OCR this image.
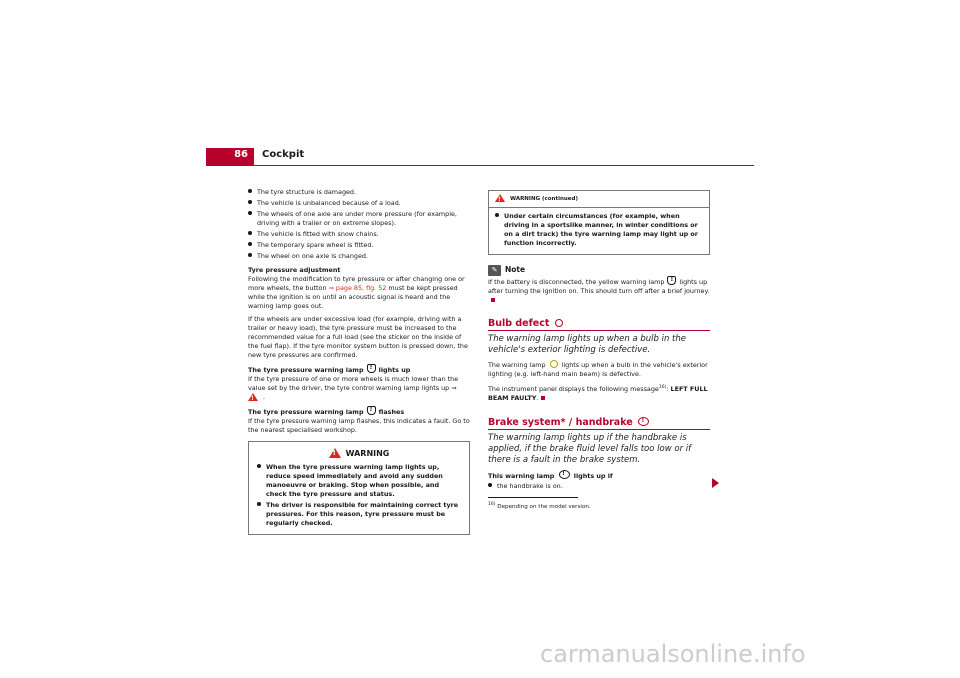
86 Cockpit
The tyre structure is damaged.
The vehicle is unbalanced because of a load.
The wheels of one axle are under more pressure (for example, driving with a trailer or on extreme slopes).
The vehicle is fitted with snow chains.
The temporary spare wheel is fitted.
The wheel on one axle is changed.

Tyre pressure adjustment
Following the modification to tyre pressure or after changing one or more wheels, the button ⇒ page 85, fig. 52 must be kept pressed while the ignition is on until an acoustic signal is heard and the warning lamp goes out.

If the wheels are under excessive load (for example, driving with a trailer or heavy load), the tyre pressure must be increased to the recommended value for a full load (see the sticker on the inside of the fuel flap). If the tyre monitor system button is pressed down, the new tyre pressures are confirmed.

The tyre pressure warning lamp ! lights up
If the tyre pressure of one or more wheels is much lower than the value set by the driver, the tyre control warning lamp lights up ⇒ !.

The tyre pressure warning lamp ! flashes
If the tyre pressure warning lamp flashes, this indicates a fault. Go to the nearest specialised workshop.

!WARNING
When the tyre pressure warning lamp lights up, reduce speed immediately and avoid any sudden manoeuvre or braking. Stop when possible, and check the tyre pressure and status.
The driver is responsible for maintaining correct tyre pressures. For this reason, tyre pressure must be regularly checked.
!WARNING (continued)
Under certain circumstances (for example, when driving in a sportslike manner, in winter conditions or on a dirt track) the tyre warning lamp may light up or function incorrectly.
✎ Note

If the battery is disconnected, the yellow warning lamp ! lights up after turning the ignition on. This should turn off after a brief journey.

Bulb defect
The warning lamp lights up when a bulb in the vehicle's exterior lighting is defective.

The warning lamp	lights up when a bulb in the vehicle's exterior lighting (e.g. left-hand main beam) is defective.

The instrument panel displays the following message$^{16)}$: LEFT FULL BEAM FAULTY.

Brake system* / handbrake !
The warning lamp lights up if the handbrake is applied, if the brake fluid level falls too low or if there is a fault in the brake system.

This warning lamp !	lights up if

the handbrake is on.
$^{16)}$ Depending on the model version.
carmanualsonline.info
